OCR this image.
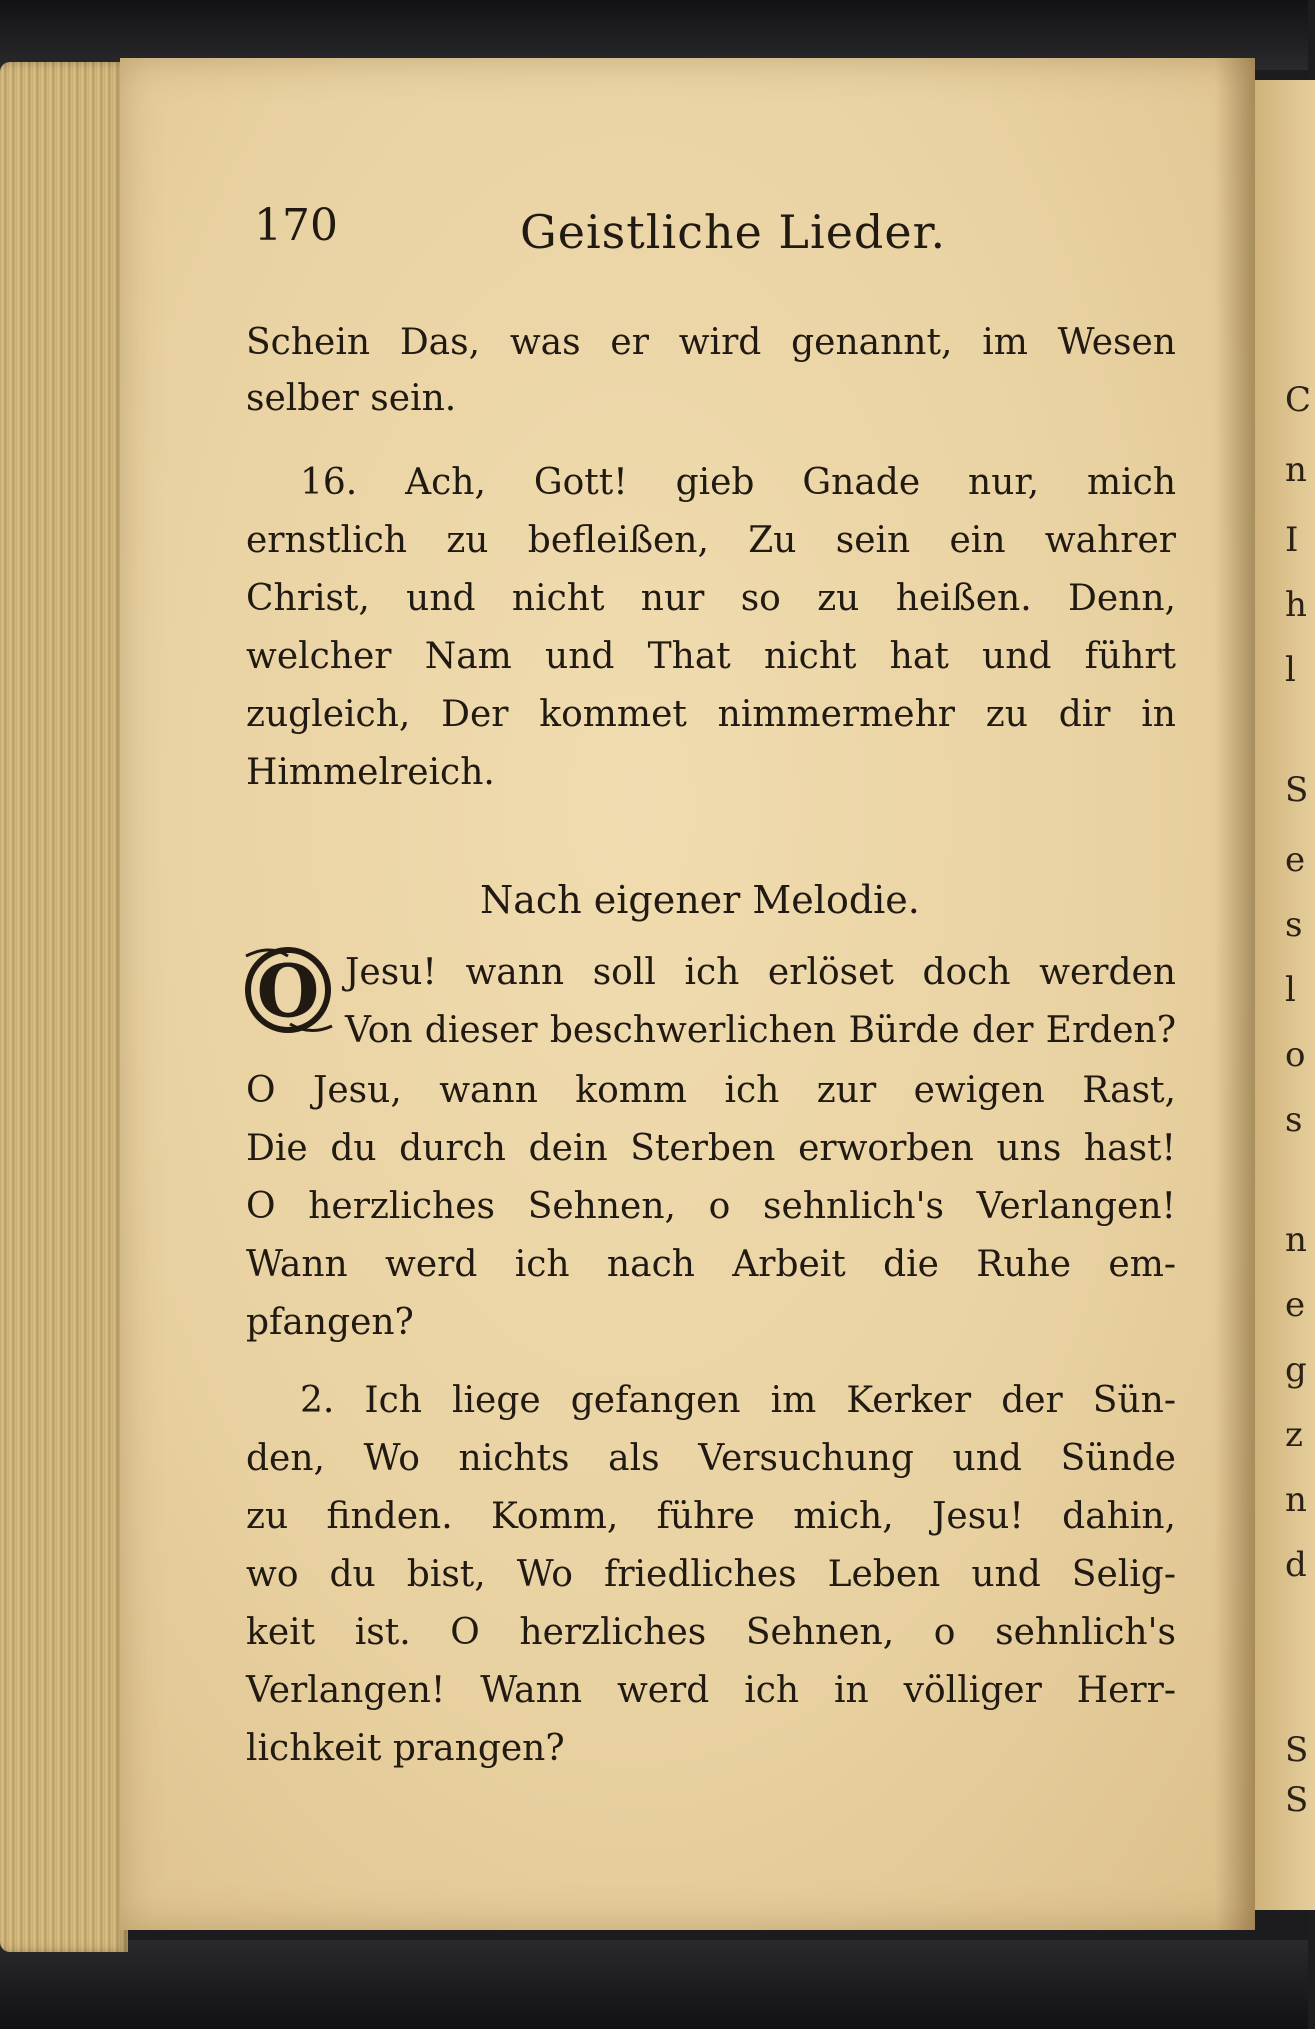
C
n
I
h
l
S
e
s
l
o
s
n
e
g
z
n
d
S
S
170	Geistliche Lieder.
Schein Das, was er wird genannt, im Wesen
selber sein.
16. Ach, Gott! gieb Gnade nur, mich
ernstlich zu befleißen, Zu sein ein wahrer
Christ, und nicht nur so zu heißen. Denn,
welcher Nam und That nicht hat und führt
zugleich, Der kommet nimmermehr zu dir in
Himmelreich.
Nach eigener Melodie.
O Jesu! wann soll ich erlöset doch werden
Von dieser beschwerlichen Bürde der Erden?
O Jesu, wann komm ich zur ewigen Rast,
Die du durch dein Sterben erworben uns hast!
O herzliches Sehnen, o sehnlich's Verlangen!
Wann werd ich nach Arbeit die Ruhe em-
pfangen?
2. Ich liege gefangen im Kerker der Sün-
den, Wo nichts als Versuchung und Sünde
zu finden. Komm, führe mich, Jesu! dahin,
wo du bist, Wo friedliches Leben und Selig-
keit ist. O herzliches Sehnen, o sehnlich's
Verlangen! Wann werd ich in völliger Herr-
lichkeit prangen?
